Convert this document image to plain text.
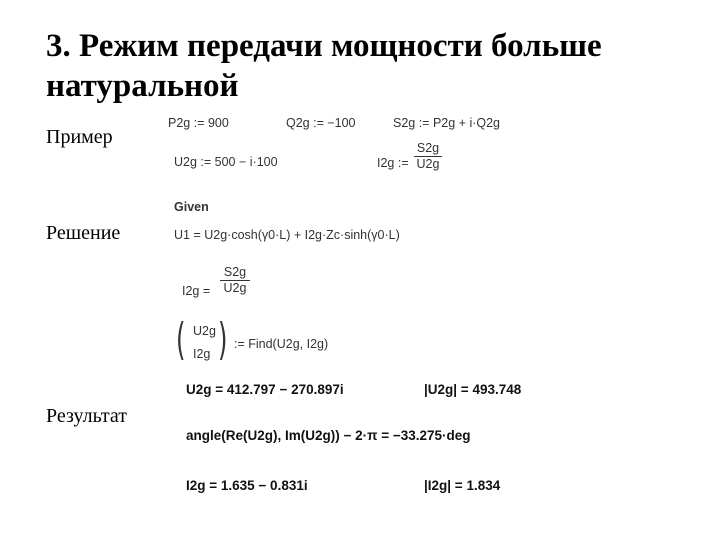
3. Режим передачи мощности больше натуральной
Пример
Решение
Результат
P2g := 900	Q2g := −100	S2g := P2g + i·Q2g
U2g := 500 − i·100	I2g :=
S2g
U2g
Given
U1 = U2g·cosh(γ0·L) + I2g·Zc·sinh(γ0·L)
I2g =
S2g
U2g
( U2g
I2g ) := Find(U2g, I2g)
U2g = 412.797 − 270.897i	|U2g| = 493.748
angle(Re(U2g), Im(U2g)) − 2·π = −33.275·deg
I2g = 1.635 − 0.831i	|I2g| = 1.834
